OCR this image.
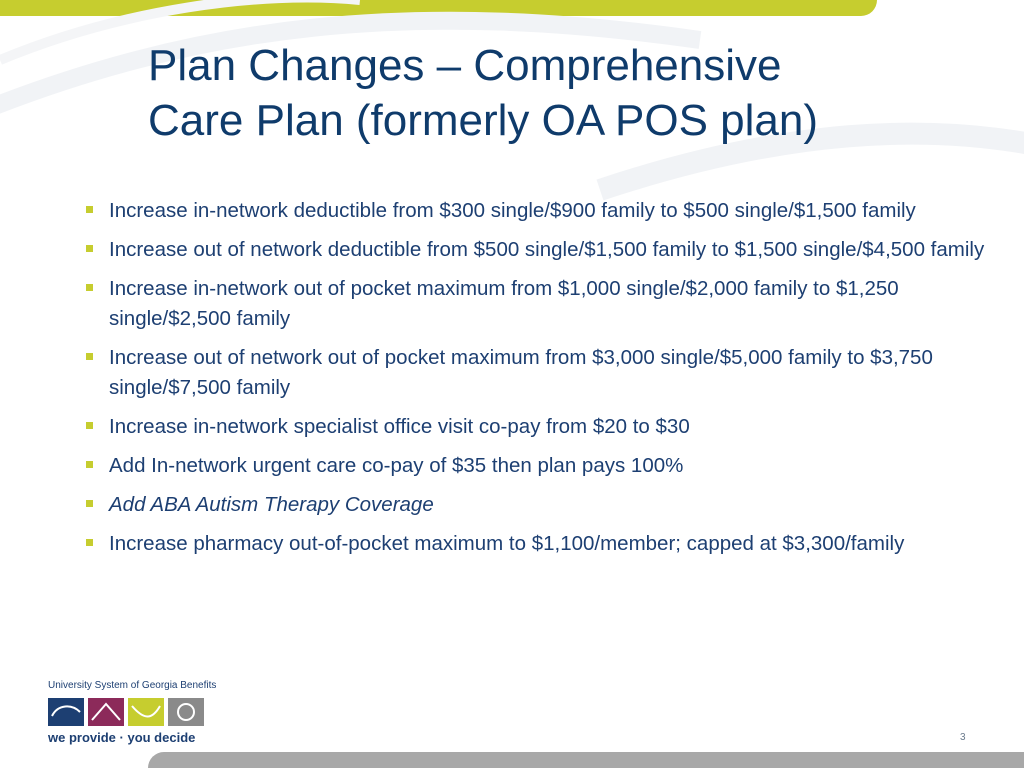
Plan Changes – Comprehensive
Care Plan (formerly OA POS plan)
Increase in-network deductible from $300 single/$900 family to $500 single/$1,500 family
Increase out of network deductible from $500 single/$1,500 family to $1,500 single/$4,500 family
Increase in-network out of pocket maximum from $1,000 single/$2,000 family to $1,250 single/$2,500 family
Increase out of network out of pocket maximum from $3,000 single/$5,000 family to $3,750 single/$7,500 family
Increase in-network specialist office visit co-pay from $20 to $30
Add In-network urgent care co-pay of $35 then plan pays 100%
Add ABA Autism Therapy Coverage
Increase pharmacy out-of-pocket maximum to $1,100/member; capped at $3,300/family
University System of Georgia Benefits
we provide · you decide	3
